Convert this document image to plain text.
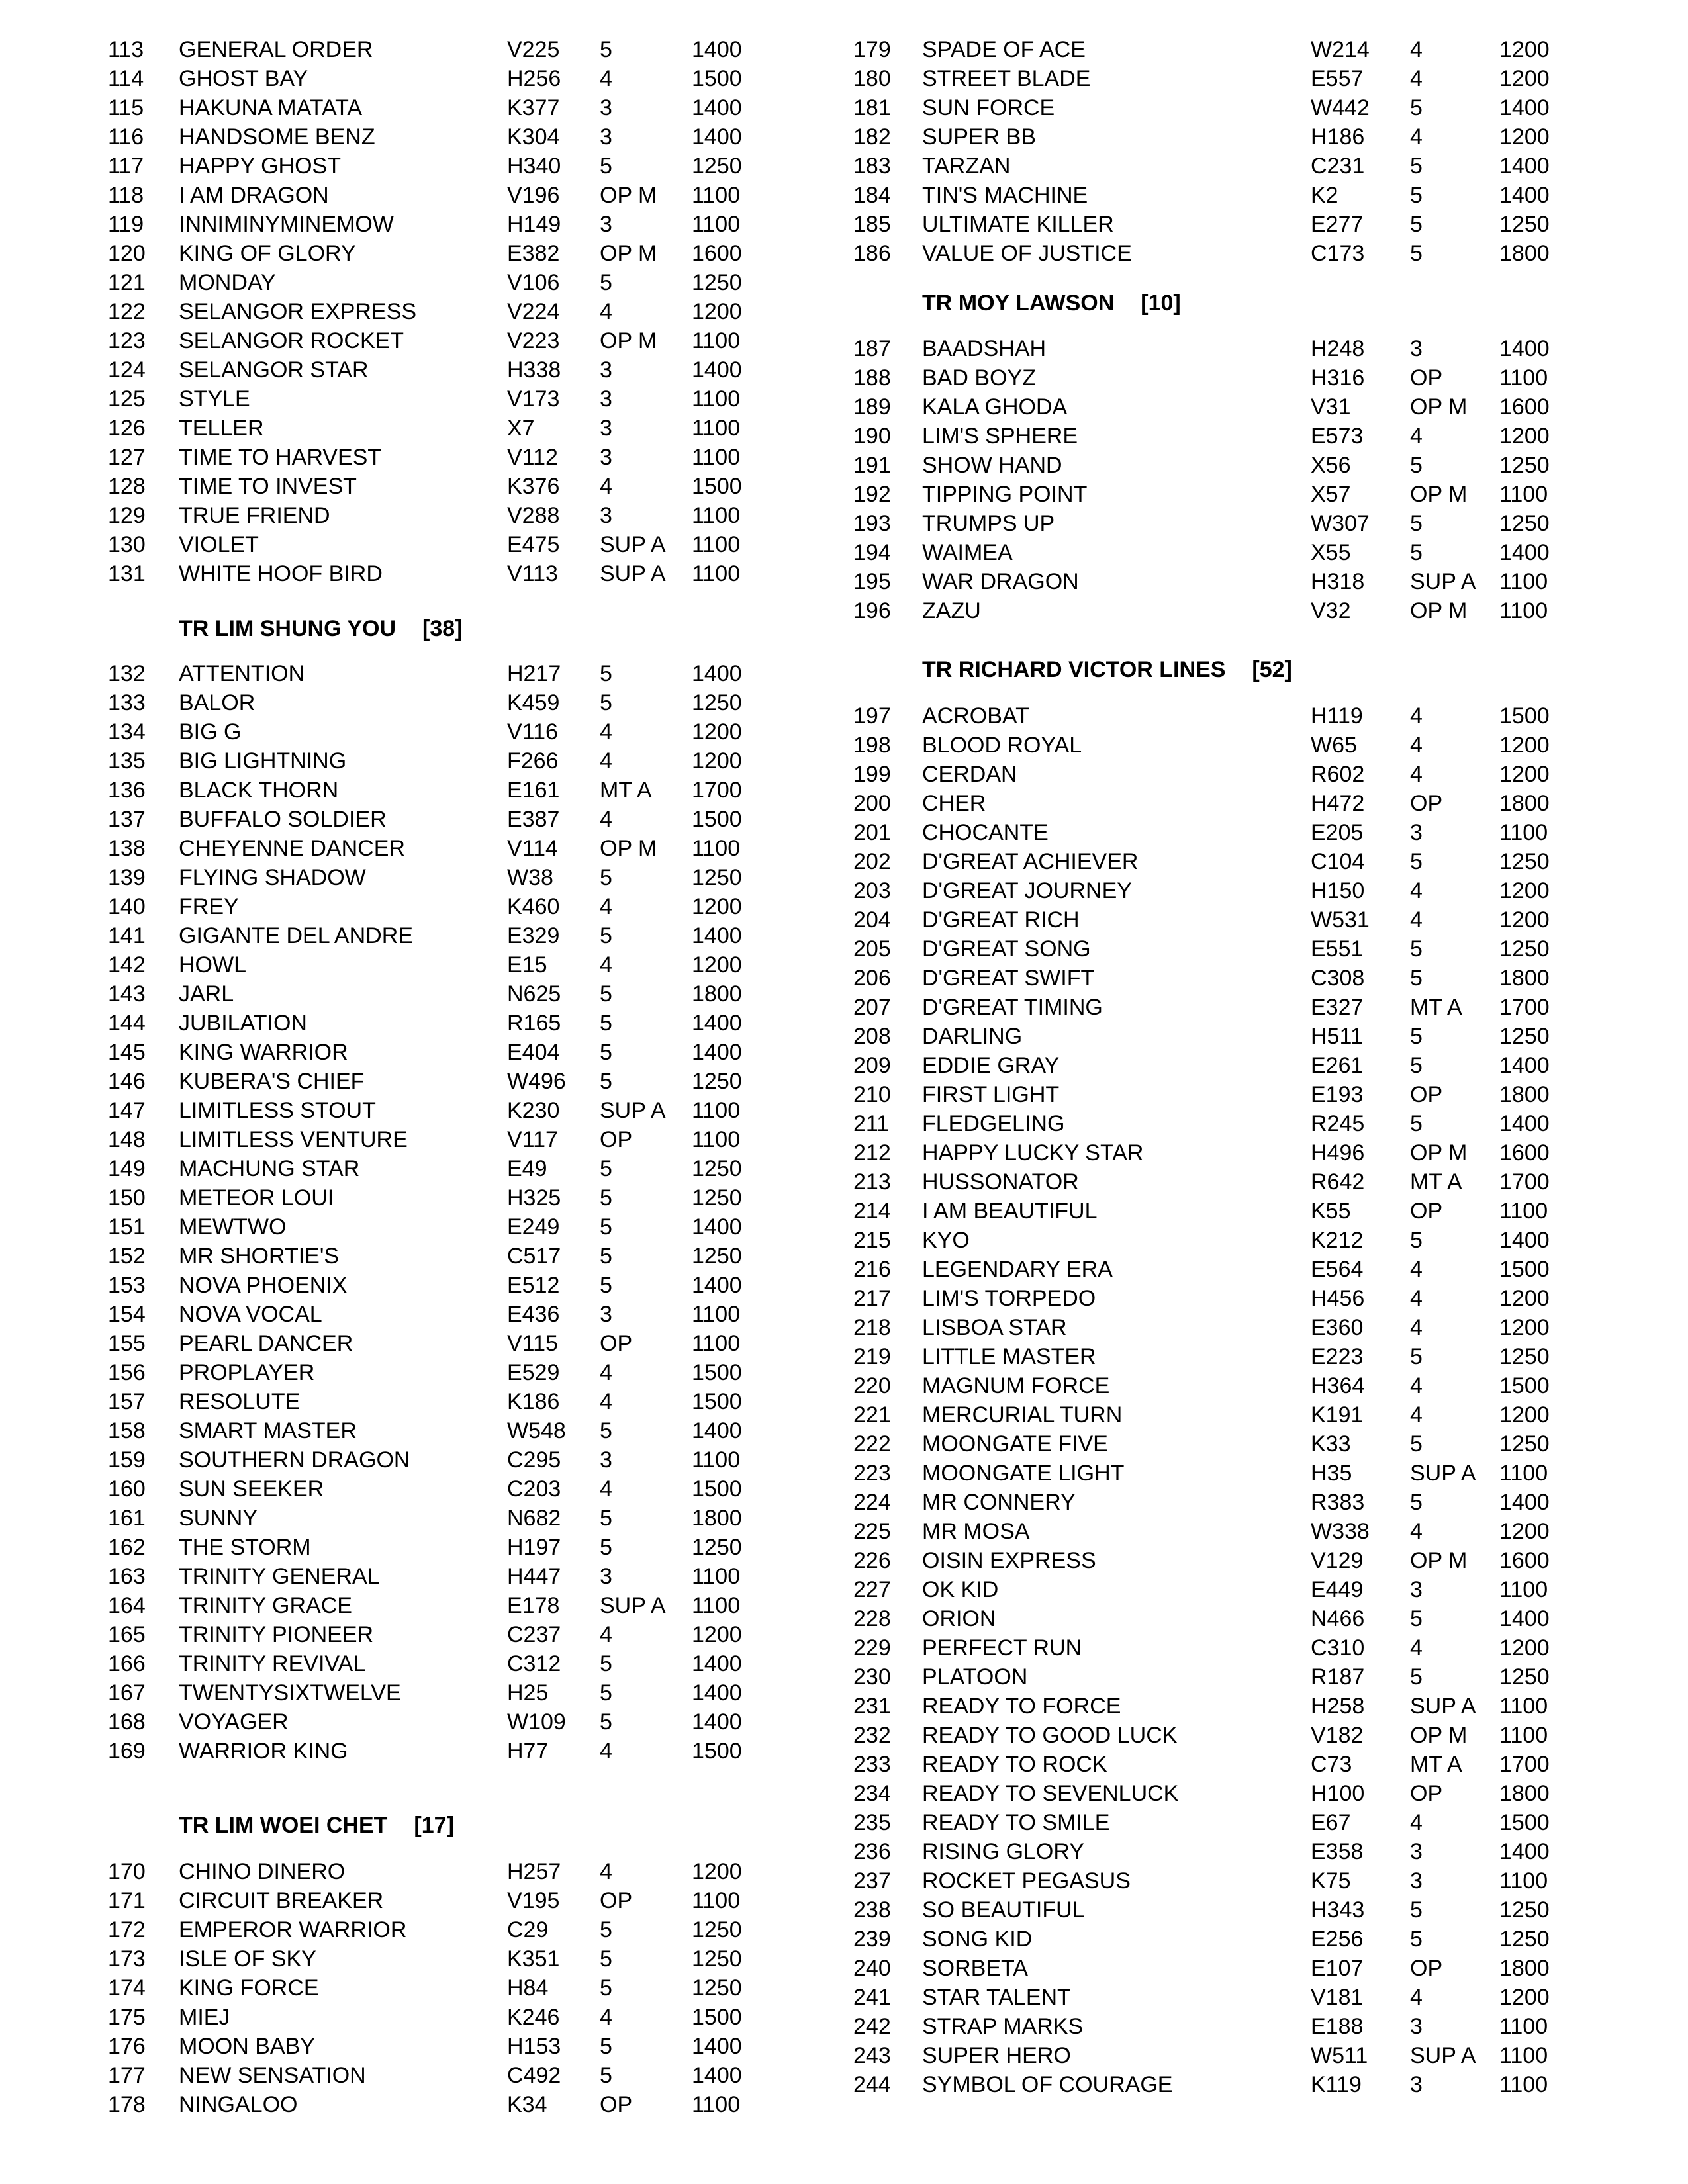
113 GENERAL ORDER	V225 5	1400
114 GHOST BAY	H256 4	1500
115 HAKUNA MATATA	K377 3	1400
116 HANDSOME BENZ	K304 3	1400
117 HAPPY GHOST	H340 5	1250
118 I AM DRAGON	V196 OP M 1100
119 INNIMINYMINEMOW	H149 3	1100
120 KING OF GLORY	E382 OP M 1600
121 MONDAY	V106 5	1250
122 SELANGOR EXPRESS	V224 4	1200
123 SELANGOR ROCKET	V223 OP M 1100
124 SELANGOR STAR	H338 3	1400
125 STYLE	V173 3	1100
126 TELLER	X7	3	1100
127 TIME TO HARVEST	V112 3	1100
128 TIME TO INVEST	K376 4	1500
129 TRUE FRIEND	V288 3	1100
130 VIOLET	E475 SUP A 1100
131 WHITE HOOF BIRD	V113 SUP A 1100
TR LIM SHUNG YOU [38]
132 ATTENTION	H217 5	1400
133 BALOR	K459 5	1250
134 BIG G	V116 4	1200
135 BIG LIGHTNING	F266 4	1200
136 BLACK THORN	E161 MT A 1700
137 BUFFALO SOLDIER	E387 4	1500
138 CHEYENNE DANCER	V114 OP M 1100
139 FLYING SHADOW	W38 5	1250
140 FREY	K460 4	1200
141 GIGANTE DEL ANDRE	E329 5	1400
142 HOWL	E15 4	1200
143 JARL	N625 5	1800
144 JUBILATION	R165 5	1400
145 KING WARRIOR	E404 5	1400
146 KUBERA'S CHIEF	W496 5	1250
147 LIMITLESS STOUT	K230 SUP A 1100
148 LIMITLESS VENTURE	V117 OP	1100
149 MACHUNG STAR	E49 5	1250
150 METEOR LOUI	H325 5	1250
151 MEWTWO	E249 5	1400
152 MR SHORTIE'S	C517 5	1250
153 NOVA PHOENIX	E512 5	1400
154 NOVA VOCAL	E436 3	1100
155 PEARL DANCER	V115 OP	1100
156 PROPLAYER	E529 4	1500
157 RESOLUTE	K186 4	1500
158 SMART MASTER	W548 5	1400
159 SOUTHERN DRAGON	C295 3	1100
160 SUN SEEKER	C203 4	1500
161 SUNNY	N682 5	1800
162 THE STORM	H197 5	1250
163 TRINITY GENERAL	H447 3	1100
164 TRINITY GRACE	E178 SUP A 1100
165 TRINITY PIONEER	C237 4	1200
166 TRINITY REVIVAL	C312 5	1400
167 TWENTYSIXTWELVE	H25 5	1400
168 VOYAGER	W109 5	1400
169 WARRIOR KING	H77 4	1500
TR LIM WOEI CHET [17]
170 CHINO DINERO	H257 4	1200
171 CIRCUIT BREAKER	V195 OP	1100
172 EMPEROR WARRIOR	C29 5	1250
173 ISLE OF SKY	K351 5	1250
174 KING FORCE	H84 5	1250
175 MIEJ	K246 4	1500
176 MOON BABY	H153 5	1400
177 NEW SENSATION	C492 5	1400
178 NINGALOO	K34 OP	1100
179 SPADE OF ACE	W214 4	1200
180 STREET BLADE	E557 4	1200
181 SUN FORCE	W442 5	1400
182 SUPER BB	H186 4	1200
183 TARZAN	C231 5	1400
184 TIN'S MACHINE	K2	5	1400
185 ULTIMATE KILLER	E277 5	1250
186 VALUE OF JUSTICE	C173 5	1800
TR MOY LAWSON [10]
187 BAADSHAH	H248 3	1400
188 BAD BOYZ	H316 OP	1100
189 KALA GHODA	V31	OP M 1600
190 LIM'S SPHERE	E573 4	1200
191 SHOW HAND	X56	5	1250
192 TIPPING POINT	X57	OP M 1100
193 TRUMPS UP	W307 5	1250
194 WAIMEA	X55	5	1400
195 WAR DRAGON	H318 SUP A 1100
196 ZAZU	V32	OP M 1100
TR RICHARD VICTOR LINES [52]
197 ACROBAT	H119 4	1500
198 BLOOD ROYAL	W65 4	1200
199 CERDAN	R602 4	1200
200 CHER	H472 OP	1800
201 CHOCANTE	E205 3	1100
202 D'GREAT ACHIEVER	C104 5	1250
203 D'GREAT JOURNEY	H150 4	1200
204 D'GREAT RICH	W531 4	1200
205 D'GREAT SONG	E551 5	1250
206 D'GREAT SWIFT	C308 5	1800
207 D'GREAT TIMING	E327 MT A 1700
208 DARLING	H511 5	1250
209 EDDIE GRAY	E261 5	1400
210 FIRST LIGHT	E193 OP	1800
211 FLEDGELING	R245 5	1400
212 HAPPY LUCKY STAR	H496 OP M 1600
213 HUSSONATOR	R642 MT A 1700
214 I AM BEAUTIFUL	K55	OP	1100
215 KYO	K212 5	1400
216 LEGENDARY ERA	E564 4	1500
217 LIM'S TORPEDO	H456 4	1200
218 LISBOA STAR	E360 4	1200
219 LITTLE MASTER	E223 5	1250
220 MAGNUM FORCE	H364 4	1500
221 MERCURIAL TURN	K191 4	1200
222 MOONGATE FIVE	K33	5	1250
223 MOONGATE LIGHT	H35	SUP A 1100
224 MR CONNERY	R383 5	1400
225 MR MOSA	W338 4	1200
226 OISIN EXPRESS	V129 OP M 1600
227 OK KID	E449 3	1100
228 ORION	N466 5	1400
229 PERFECT RUN	C310 4	1200
230 PLATOON	R187 5	1250
231 READY TO FORCE	H258 SUP A 1100
232 READY TO GOOD LUCK	V182 OP M 1100
233 READY TO ROCK	C73	MT A 1700
234 READY TO SEVENLUCK	H100 OP	1800
235 READY TO SMILE	E67	4	1500
236 RISING GLORY	E358 3	1400
237 ROCKET PEGASUS	K75	3	1100
238 SO BEAUTIFUL	H343 5	1250
239 SONG KID	E256 5	1250
240 SORBETA	E107 OP	1800
241 STAR TALENT	V181 4	1200
242 STRAP MARKS	E188 3	1100
243 SUPER HERO	W511 SUP A 1100
244 SYMBOL OF COURAGE	K119 3	1100
